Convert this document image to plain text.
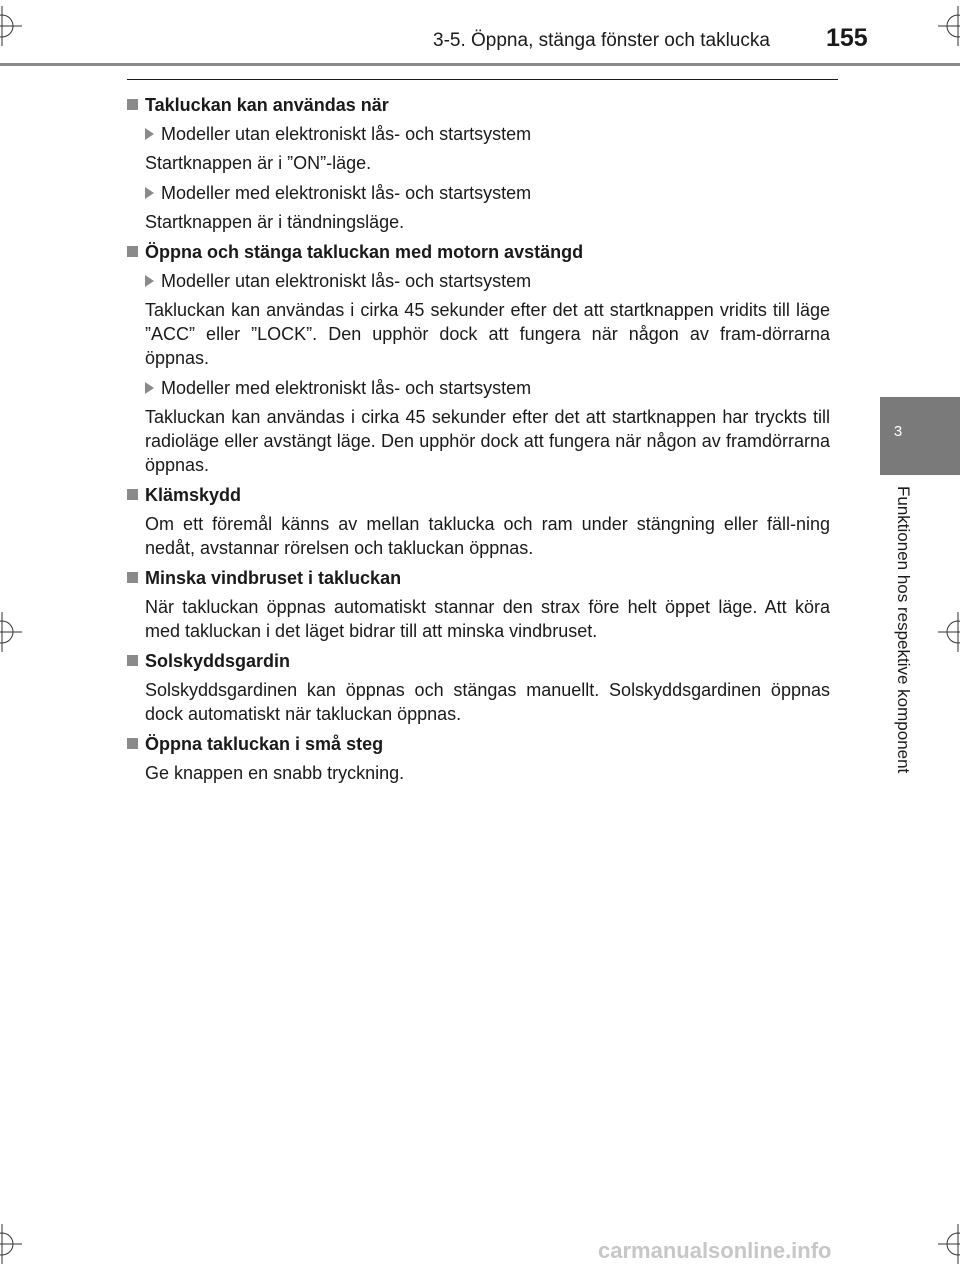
3-5. Öppna, stänga fönster och taklucka 155
3
Funktionen hos respektive komponent
Takluckan kan användas när
Modeller utan elektroniskt lås- och startsystem
Startknappen är i ”ON”-läge.
Modeller med elektroniskt lås- och startsystem
Startknappen är i tändningsläge.
Öppna och stänga takluckan med motorn avstängd
Modeller utan elektroniskt lås- och startsystem
Takluckan kan användas i cirka 45 sekunder efter det att startknappen vridits till läge ”ACC” eller ”LOCK”. Den upphör dock att fungera när någon av fram-dörrarna öppnas.
Modeller med elektroniskt lås- och startsystem
Takluckan kan användas i cirka 45 sekunder efter det att startknappen har tryckts till radioläge eller avstängt läge. Den upphör dock att fungera när någon av framdörrarna öppnas.
Klämskydd
Om ett föremål känns av mellan taklucka och ram under stängning eller fäll-ning nedåt, avstannar rörelsen och takluckan öppnas.
Minska vindbruset i takluckan
När takluckan öppnas automatiskt stannar den strax före helt öppet läge. Att köra med takluckan i det läget bidrar till att minska vindbruset.
Solskyddsgardin
Solskyddsgardinen kan öppnas och stängas manuellt. Solskyddsgardinen öppnas dock automatiskt när takluckan öppnas.
Öppna takluckan i små steg
Ge knappen en snabb tryckning.
carmanualsonline.info
